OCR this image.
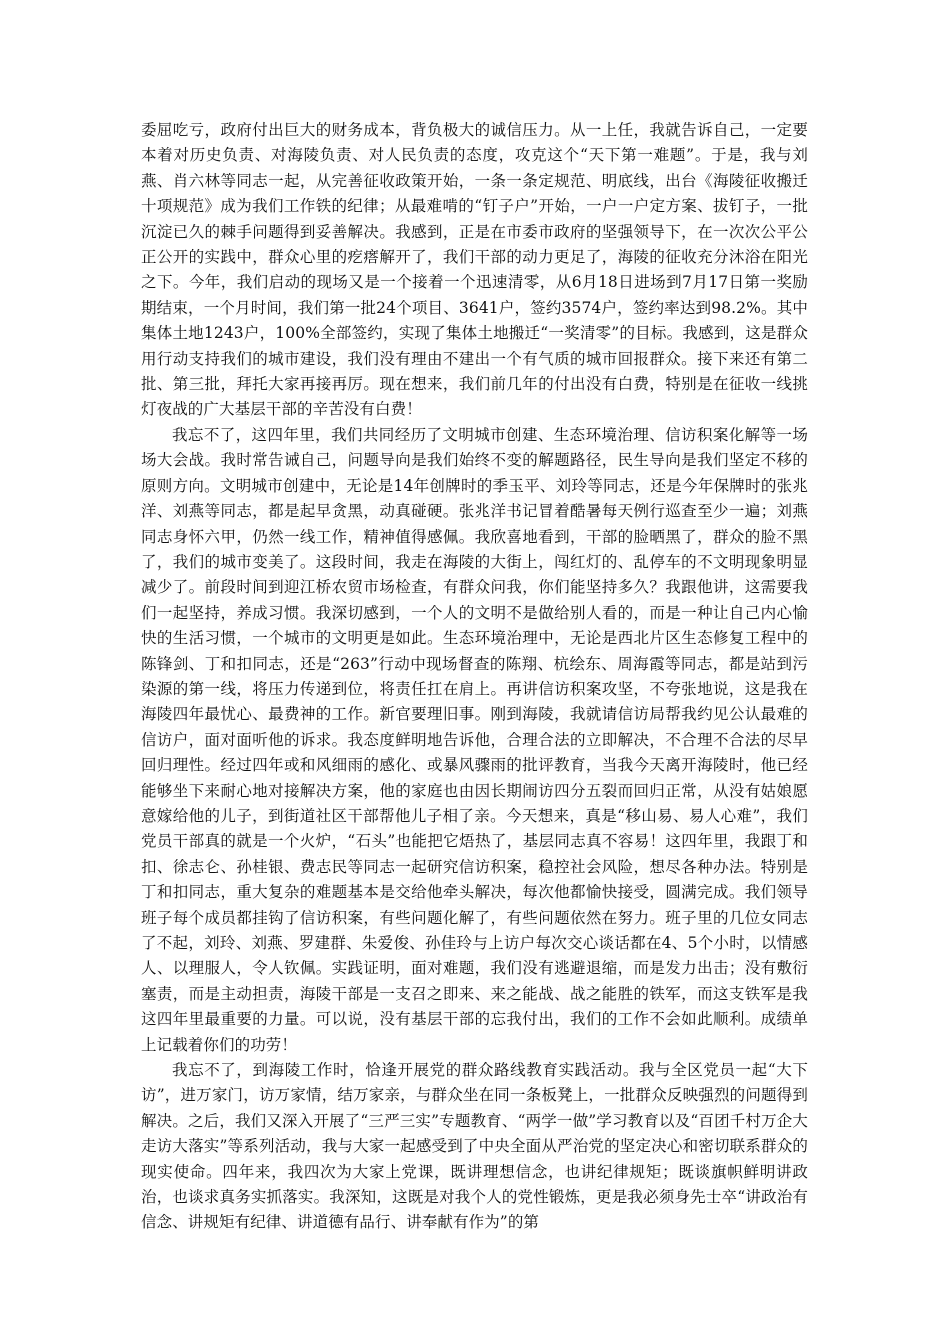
委屈吃亏，政府付出巨大的财务成本，背负极大的诚信压力。从一上任，我就告诉自己，一定要本着对历史负责、对海陵负责、对人民负责的态度，攻克这个“天下第一难题”。于是，我与刘燕、肖六林等同志一起，从完善征收政策开始，一条一条定规范、明底线，出台《海陵征收搬迁十项规范》成为我们工作铁的纪律；从最难啃的“钉子户”开始，一户一户定方案、拔钉子，一批沉淀已久的棘手问题得到妥善解决。我感到，正是在市委市政府的坚强领导下，在一次次公平公正公开的实践中，群众心里的疙瘩解开了，我们干部的动力更足了，海陵的征收充分沐浴在阳光之下。今年，我们启动的现场又是一个接着一个迅速清零，从6月18日进场到7月17日第一奖励期结束，一个月时间，我们第一批24个项目、3641户，签约3574户，签约率达到98.2%。其中集体土地1243户，100%全部签约，实现了集体土地搬迁“一奖清零”的目标。我感到，这是群众用行动支持我们的城市建设，我们没有理由不建出一个有气质的城市回报群众。接下来还有第二批、第三批，拜托大家再接再厉。现在想来，我们前几年的付出没有白费，特别是在征收一线挑灯夜战的广大基层干部的辛苦没有白费！

我忘不了，这四年里，我们共同经历了文明城市创建、生态环境治理、信访积案化解等一场场大会战。我时常告诫自己，问题导向是我们始终不变的解题路径，民生导向是我们坚定不移的原则方向。文明城市创建中，无论是14年创牌时的季玉平、刘玲等同志，还是今年保牌时的张兆洋、刘燕等同志，都是起早贪黑，动真碰硬。张兆洋书记冒着酷暑每天例行巡查至少一遍；刘燕同志身怀六甲，仍然一线工作，精神值得感佩。我欣喜地看到，干部的脸晒黑了，群众的脸不黑了，我们的城市变美了。这段时间，我走在海陵的大街上，闯红灯的、乱停车的不文明现象明显减少了。前段时间到迎江桥农贸市场检查，有群众问我，你们能坚持多久？我跟他讲，这需要我们一起坚持，养成习惯。我深切感到，一个人的文明不是做给别人看的，而是一种让自己内心愉快的生活习惯，一个城市的文明更是如此。生态环境治理中，无论是西北片区生态修复工程中的陈锋剑、丁和扣同志，还是“263”行动中现场督查的陈翔、杭绘东、周海霞等同志，都是站到污染源的第一线，将压力传递到位，将责任扛在肩上。再讲信访积案攻坚，不夸张地说，这是我在海陵四年最忧心、最费神的工作。新官要理旧事。刚到海陵，我就请信访局帮我约见公认最难的信访户，面对面听他的诉求。我态度鲜明地告诉他，合理合法的立即解决，不合理不合法的尽早回归理性。经过四年或和风细雨的感化、或暴风骤雨的批评教育，当我今天离开海陵时，他已经能够坐下来耐心地对接解决方案，他的家庭也由因长期闹访四分五裂而回归正常，从没有姑娘愿意嫁给他的儿子，到街道社区干部帮他儿子相了亲。今天想来，真是“移山易、易人心难”，我们党员干部真的就是一个火炉，“石头”也能把它焐热了，基层同志真不容易！这四年里，我跟丁和扣、徐志仑、孙桂银、费志民等同志一起研究信访积案，稳控社会风险，想尽各种办法。特别是丁和扣同志，重大复杂的难题基本是交给他牵头解决，每次他都愉快接受，圆满完成。我们领导班子每个成员都挂钩了信访积案，有些问题化解了，有些问题依然在努力。班子里的几位女同志了不起，刘玲、刘燕、罗建群、朱爱俊、孙佳玲与上访户每次交心谈话都在4、5个小时，以情感人、以理服人，令人钦佩。实践证明，面对难题，我们没有逃避退缩，而是发力出击；没有敷衍塞责，而是主动担责，海陵干部是一支召之即来、来之能战、战之能胜的铁军，而这支铁军是我这四年里最重要的力量。可以说，没有基层干部的忘我付出，我们的工作不会如此顺利。成绩单上记载着你们的功劳！

我忘不了，到海陵工作时，恰逢开展党的群众路线教育实践活动。我与全区党员一起“大下访”，进万家门，访万家情，结万家亲，与群众坐在同一条板凳上，一批群众反映强烈的问题得到解决。之后，我们又深入开展了“三严三实”专题教育、“两学一做”学习教育以及“百团千村万企大走访大落实”等系列活动，我与大家一起感受到了中央全面从严治党的坚定决心和密切联系群众的现实使命。四年来，我四次为大家上党课，既讲理想信念，也讲纪律规矩；既谈旗帜鲜明讲政治，也谈求真务实抓落实。我深知，这既是对我个人的党性锻炼，更是我必须身先士卒“讲政治有信念、讲规矩有纪律、讲道德有品行、讲奉献有作为”的第
